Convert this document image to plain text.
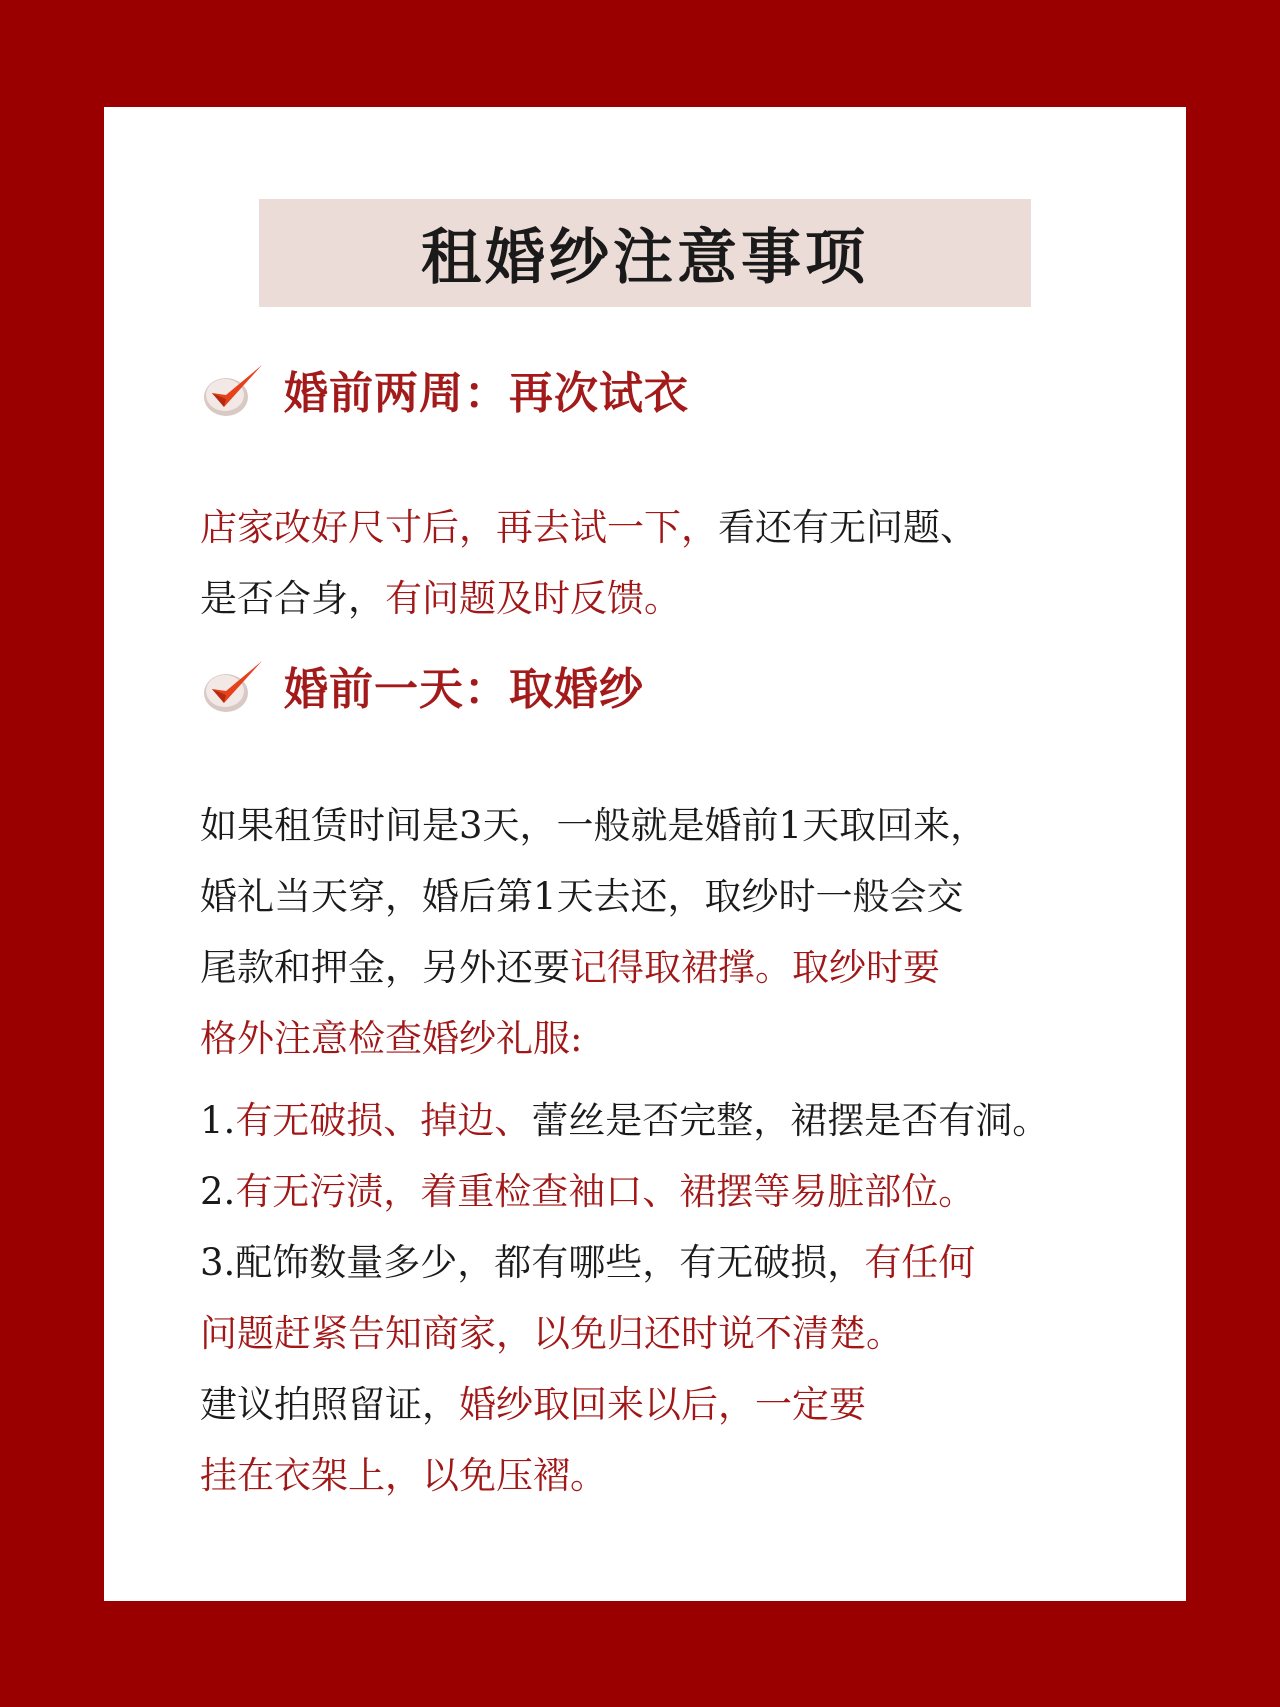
租婚纱注意事项
婚前两周：再次试衣
店家改好尺寸后，再去试一下，看还有无问题、
是否合身，有问题及时反馈。
婚前一天：取婚纱
如果租赁时间是3天，一般就是婚前1天取回来，
婚礼当天穿，婚后第1天去还，取纱时一般会交
尾款和押金，另外还要记得取裙撑。取纱时要
格外注意检查婚纱礼服:
1.有无破损、掉边、蕾丝是否完整，裙摆是否有洞。
2.有无污渍，着重检查袖口、裙摆等易脏部位。
3.配饰数量多少，都有哪些，有无破损，有任何
问题赶紧告知商家，以免归还时说不清楚。
建议拍照留证，婚纱取回来以后，一定要
挂在衣架上，以免压褶。
